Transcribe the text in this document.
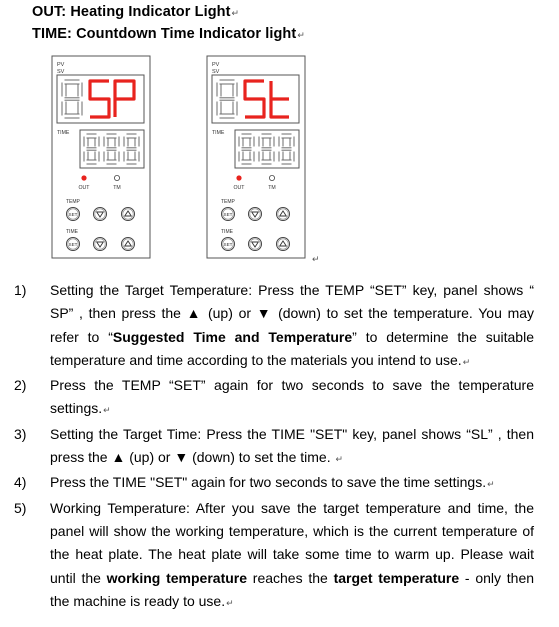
OUT: Heating Indicator Light↵
TIME: Countdown Time Indicator light↵
PV
SV
TIME
OUT	TM
TEMP
SET
TIME
SET
PV
SV
TIME
OUT	TM
TEMP
SET
TIME
SET
↵
1) Setting the Target Temperature: Press the TEMP “SET” key, panel shows “ SP” , then press the ▲ (up) or ▼ (down) to set the temperature. You may refer to “Suggested Time and Temperature” to determine the suitable temperature and time according to the materials you intend to use.↵
2) Press the TEMP “SET” again for two seconds to save the temperature settings.↵
3) Setting the Target Time: Press the TIME "SET" key, panel shows “SL” , then press the ▲ (up) or ▼ (down) to set the time. ↵
4) Press the TIME "SET" again for two seconds to save the time settings.↵
5) Working Temperature: After you save the target temperature and time, the panel will show the working temperature, which is the current temperature of the heat plate. The heat plate will take some time to warm up. Please wait until the working temperature reaches the target temperature - only then the machine is ready to use.↵
